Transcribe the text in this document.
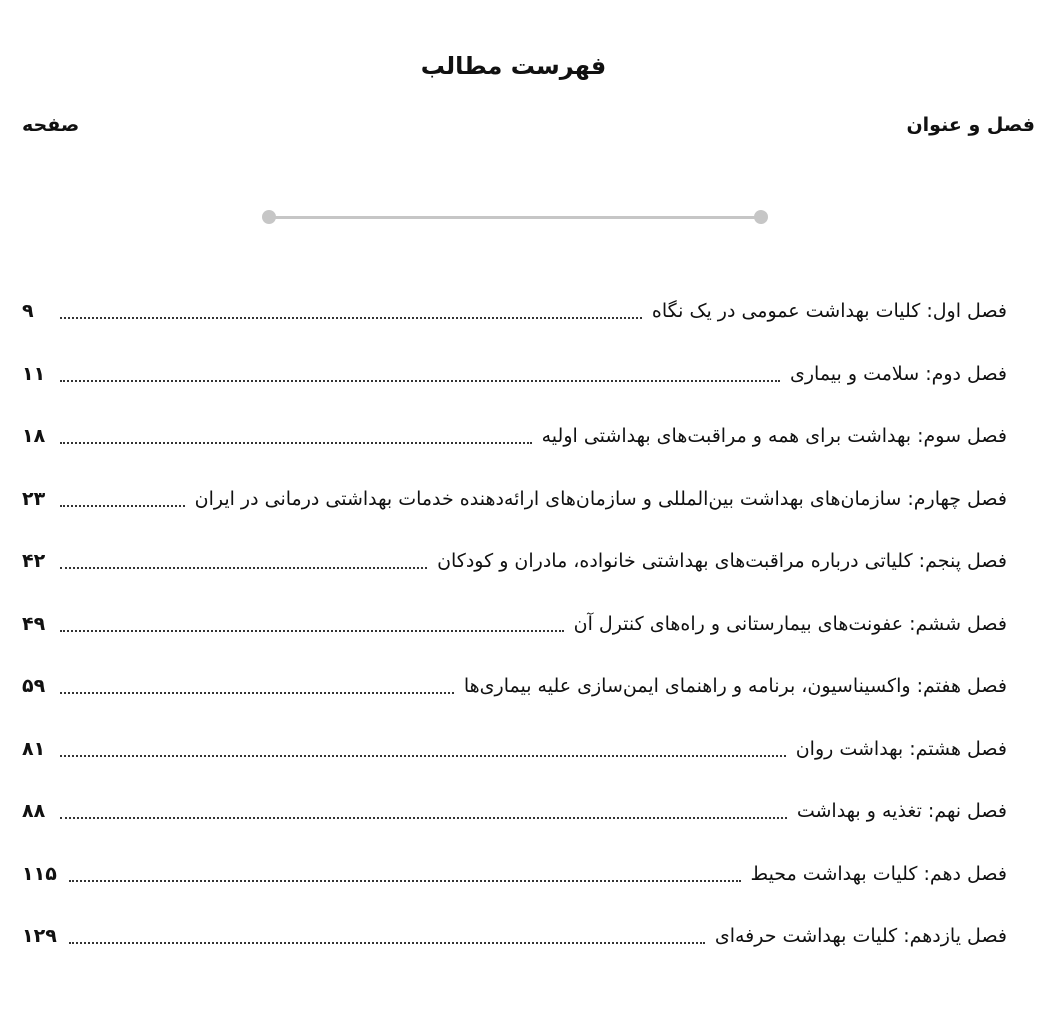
فهرست مطالب
فصل و عنوان
صفحه
فصل اول: کلیات بهداشت عمومی در یک نگاه
۹
فصل دوم: سلامت و بیماری
۱۱
فصل سوم: بهداشت برای همه و مراقبت‌های بهداشتی اولیه
۱۸
فصل چهارم: سازمان‌های بهداشت بین‌المللی و سازمان‌های ارائه‌دهنده خدمات بهداشتی درمانی در ایران
۲۳
فصل پنجم: کلیاتی درباره مراقبت‌های بهداشتی خانواده، مادران و کودکان
۴۲
فصل ششم: عفونت‌های بیمارستانی و راه‌های کنترل آن
۴۹
فصل هفتم: واکسیناسیون، برنامه و راهنمای ایمن‌سازی علیه بیماری‌ها
۵۹
فصل هشتم: بهداشت روان
۸۱
فصل نهم: تغذیه و بهداشت
۸۸
فصل دهم: کلیات بهداشت محیط
۱۱۵
فصل یازدهم: کلیات بهداشت حرفه‌ای
۱۲۹
